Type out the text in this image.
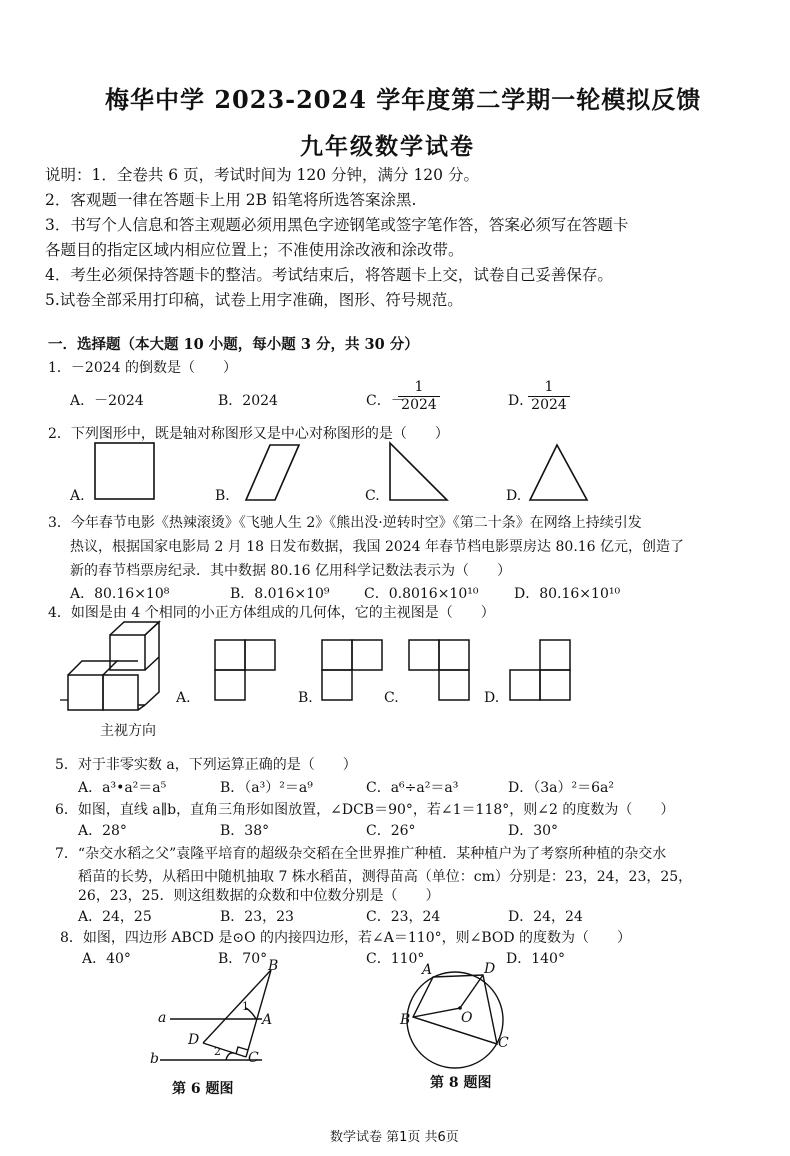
梅华中学 2023-2024 学年度第二学期一轮模拟反馈
九年级数学试卷
说明：1．全卷共 6 页，考试时间为 120 分钟，满分 120 分。
2．客观题一律在答题卡上用 2B 铅笔将所选答案涂黑.
3．书写个人信息和答主观题必须用黑色字迹钢笔或签字笔作答，答案必须写在答题卡
各题目的指定区域内相应位置上；不准使用涂改液和涂改带。
4．考生必须保持答题卡的整洁。考试结束后，将答题卡上交，试卷自己妥善保存。
5.试卷全部采用打印稿，试卷上用字准确，图形、符号规范。
一．选择题（本大题 10 小题，每小题 3 分，共 30 分）
1．－2024 的倒数是（　　）
A．－2024	B．2024	C．－
1
2024	D．
1
2024
2．下列图形中，既是轴对称图形又是中心对称图形的是（　　）
A.	B.	C.	D.
3．今年春节电影《热辣滚烫》《飞驰人生 2》《熊出没·逆转时空》《第二十条》在网络上持续引发
热议，根据国家电影局 2 月 18 日发布数据，我国 2024 年春节档电影票房达 80.16 亿元，创造了
新的春节档票房纪录．其中数据 80.16 亿用科学记数法表示为（　　）
A．80.16×10⁸	B．8.016×10⁹ C．0.8016×10¹⁰	D．80.16×10¹⁰
4．如图是由 4 个相同的小正方体组成的几何体，它的主视图是（　　）
A.	B.	C.	D.
主视方向
5．对于非零实数 a，下列运算正确的是（　　）
A．a³•a²＝a⁵	B．（a³）²＝a⁹	C．a⁶÷a²＝a³	D．（3a）²＝6a²
6．如图，直线 a∥b，直角三角形如图放置，∠DCB＝90°，若∠1＝118°，则∠2 的度数为（　　）
A．28°	B．38°	C．26°	D．30°
7．“杂交水稻之父”袁隆平培育的超级杂交稻在全世界推广种植．某种植户为了考察所种植的杂交水
稻苗的长势，从稻田中随机抽取 7 株水稻苗，测得苗高（单位：cm）分别是：23，24，23，25，
26，23，25．则这组数据的众数和中位数分别是（　　）
A．24，25	B．23，23	C．23，24	D．24，24
8．如图，四边形 ABCD 是⊙O 的内接四边形，若∠A＝110°，则∠BOD 的度数为（　　）
A．40°	B．70°	C．110°	D．140°
a
b
B
A
D
C
1
2
第 6 题图
A	D
B	O
C
第 8 题图
数学试卷 第1页 共6页
